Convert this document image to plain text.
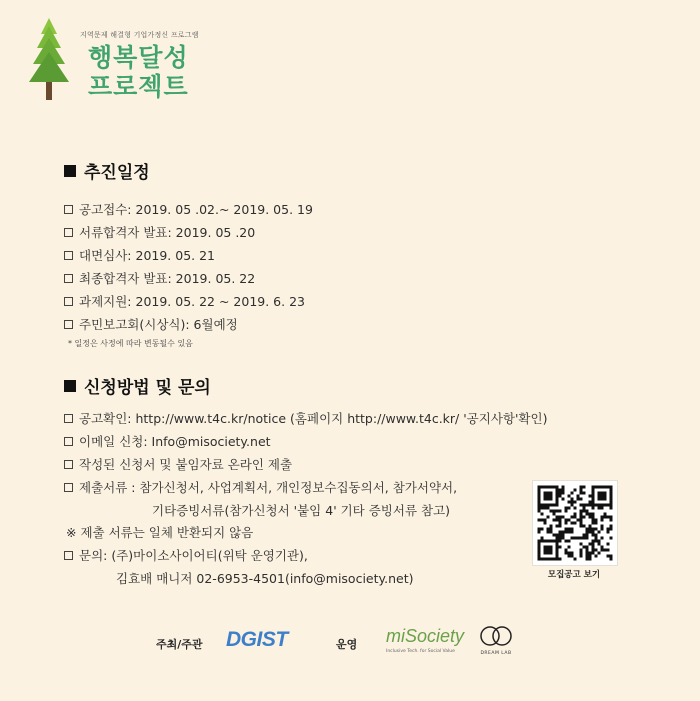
지역문제 해결형 기업가정신 프로그램
행복달성
프로젝트
추진일정
공고접수: 2019. 05 .02.~ 2019. 05. 19
서류합격자 발표: 2019. 05 .20
대면심사: 2019. 05. 21
최종합격자 발표: 2019. 05. 22
과제지원: 2019. 05. 22 ~ 2019. 6. 23
주민보고회(시상식): 6월예정
* 일정은 사정에 따라 변동될수 있음
신청방법 및 문의
공고확인: http://www.t4c.kr/notice (홈페이지 http://www.t4c.kr/ '공지사항'확인)
이메일 신청: Info@misociety.net
작성된 신청서 및 붙임자료 온라인 제출
제출서류 : 참가신청서, 사업계획서, 개인정보수집동의서, 참가서약서,
기타증빙서류(참가신청서 '붙임 4' 기타 증빙서류 참고)
※ 제출 서류는 일체 반환되지 않음
문의: (주)마이소사이어티(위탁 운영기관),
김효배 매니저 02-6953-4501(info@misociety.net)	모집공고 보기
주최/주관 DGIST	운영 miSociety
Inclusive Tech. for Social Value	DREAM LAB
